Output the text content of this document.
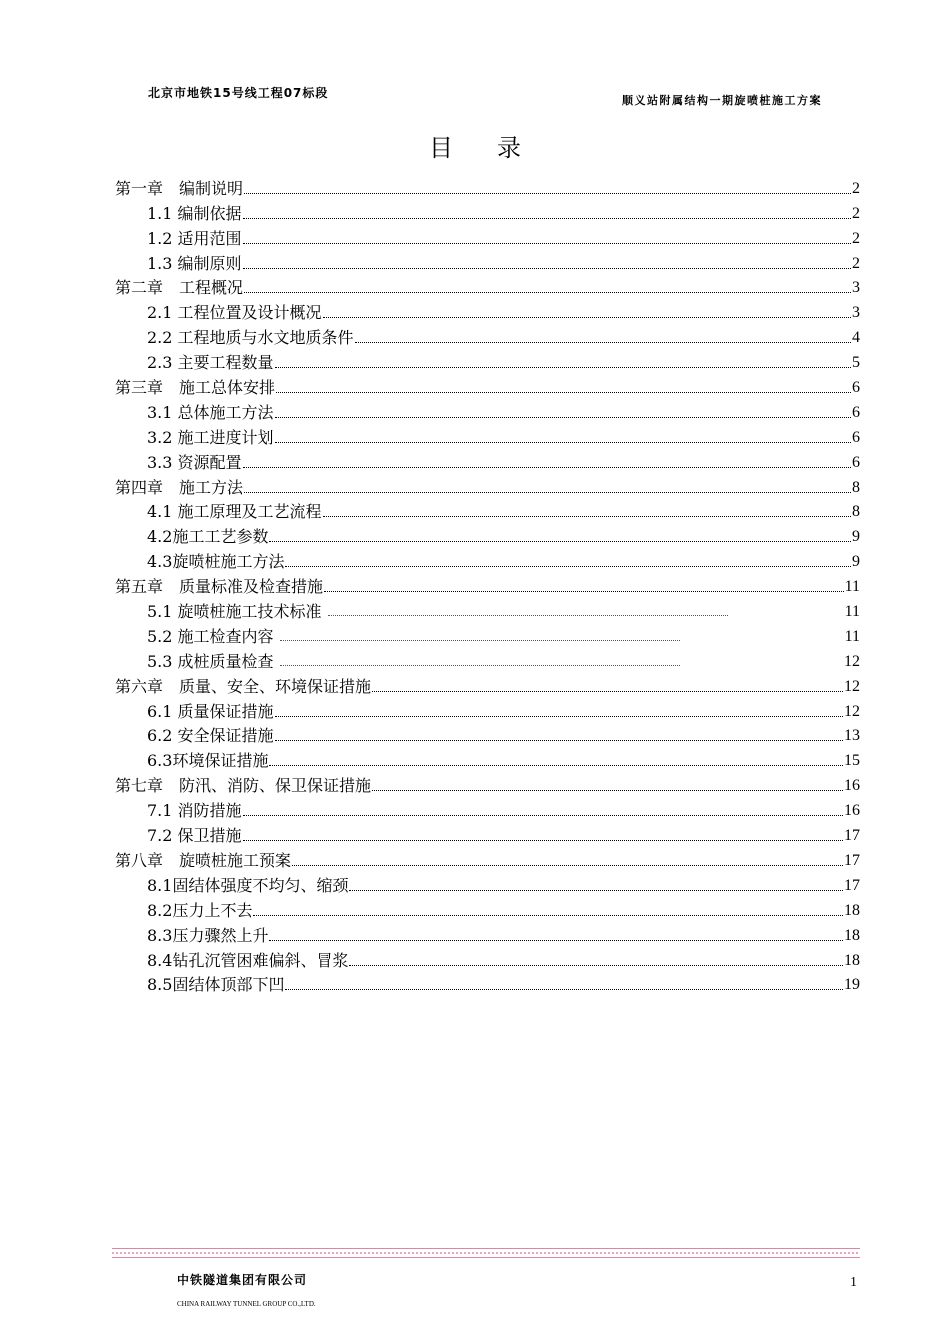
北京市地铁15号线工程07标段
顺义站附属结构一期旋喷桩施工方案
目录
第一章　编制说明	2
1.1 编制依据	2
1.2 适用范围	2
1.3 编制原则	2
第二章　工程概况	3
2.1 工程位置及设计概况	3
2.2 工程地质与水文地质条件	4
2.3 主要工程数量	5
第三章　施工总体安排	6
3.1 总体施工方法	6
3.2 施工进度计划	6
3.3 资源配置	6
第四章　施工方法	8
4.1 施工原理及工艺流程	8
4.2施工工艺参数	9
4.3旋喷桩施工方法	9
第五章　质量标准及检查措施	11
5.1 旋喷桩施工技术标准	11
5.2 施工检查内容	11
5.3 成桩质量检查	12
第六章　质量、安全、环境保证措施	12
6.1 质量保证措施	12
6.2 安全保证措施	13
6.3环境保证措施	15
第七章　防汛、消防、保卫保证措施	16
7.1 消防措施	16
7.2 保卫措施	17
第八章　旋喷桩施工预案	17
8.1固结体强度不均匀、缩颈	17
8.2压力上不去	18
8.3压力骤然上升	18
8.4钻孔沉管困难偏斜、冒浆	18
8.5固结体顶部下凹	19
中铁隧道集团有限公司
CHINA RAILWAY TUNNEL GROUP CO.,LTD.
1
